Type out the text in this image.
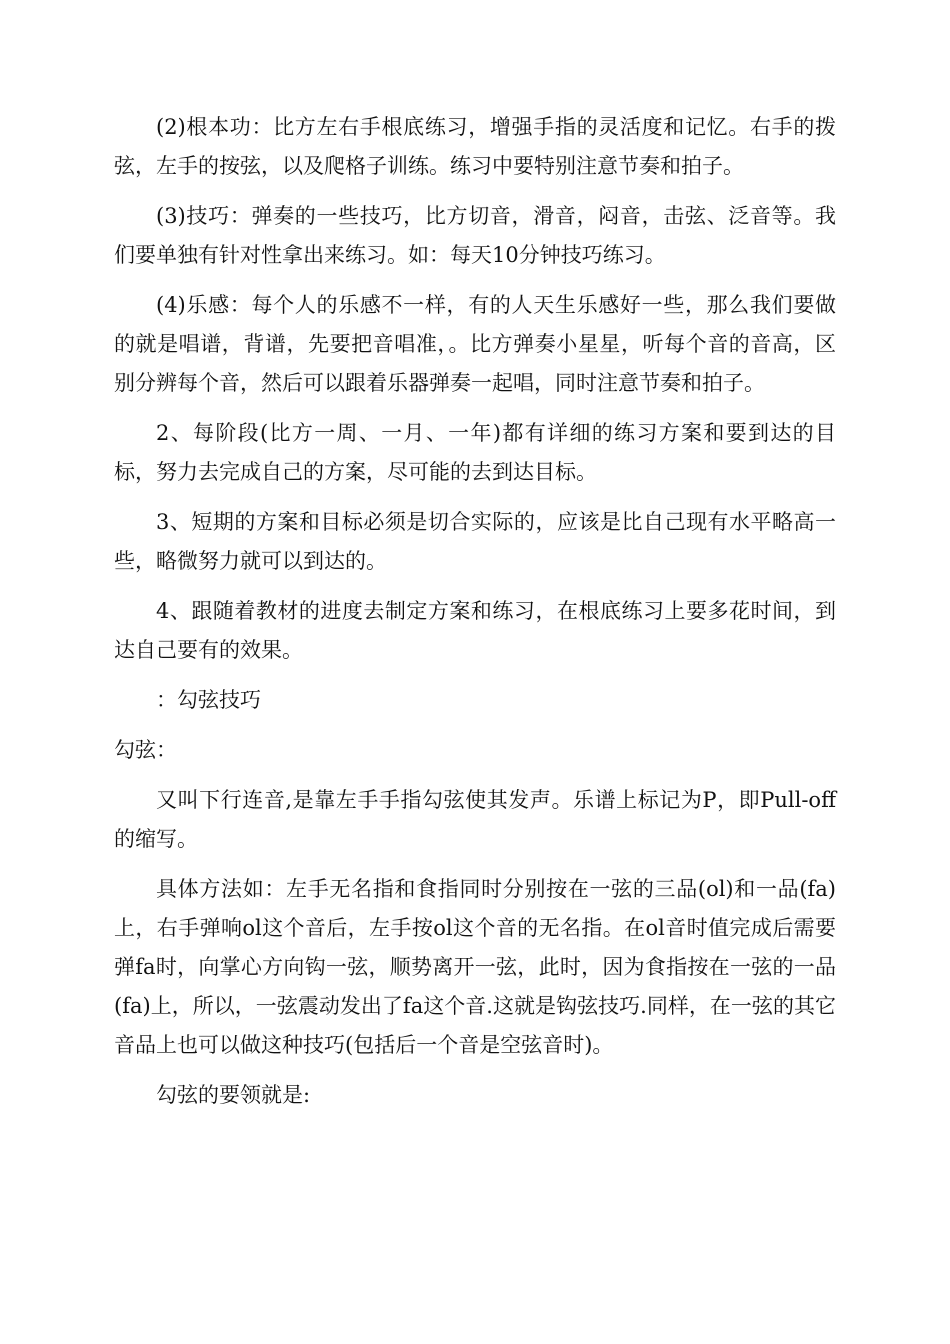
(2)根本功：比方左右手根底练习，增强手指的灵活度和记忆。右手的拨弦，左手的按弦，以及爬格子训练。练习中要特别注意节奏和拍子。

(3)技巧：弹奏的一些技巧，比方切音，滑音，闷音，击弦、泛音等。我们要单独有针对性拿出来练习。如：每天10分钟技巧练习。

(4)乐感：每个人的乐感不一样，有的人天生乐感好一些，那么我们要做的就是唱谱，背谱，先要把音唱准，。比方弹奏小星星，听每个音的音高，区别分辨每个音，然后可以跟着乐器弹奏一起唱，同时注意节奏和拍子。

2、每阶段(比方一周、一月、一年)都有详细的练习方案和要到达的目标，努力去完成自己的方案，尽可能的去到达目标。

3、短期的方案和目标必须是切合实际的，应该是比自己现有水平略高一些，略微努力就可以到达的。

4、跟随着教材的进度去制定方案和练习，在根底练习上要多花时间，到达自己要有的效果。

：勾弦技巧

勾弦：

又叫下行连音,是靠左手手指勾弦使其发声。乐谱上标记为P，即Pull-off的缩写。

具体方法如：左手无名指和食指同时分别按在一弦的三品(ol)和一品(fa)上，右手弹响ol这个音后，左手按ol这个音的无名指。在ol音时值完成后需要弹fa时，向掌心方向钩一弦，顺势离开一弦，此时，因为食指按在一弦的一品(fa)上，所以，一弦震动发出了fa这个音.这就是钩弦技巧.同样，在一弦的其它音品上也可以做这种技巧(包括后一个音是空弦音时)。

勾弦的要领就是:
